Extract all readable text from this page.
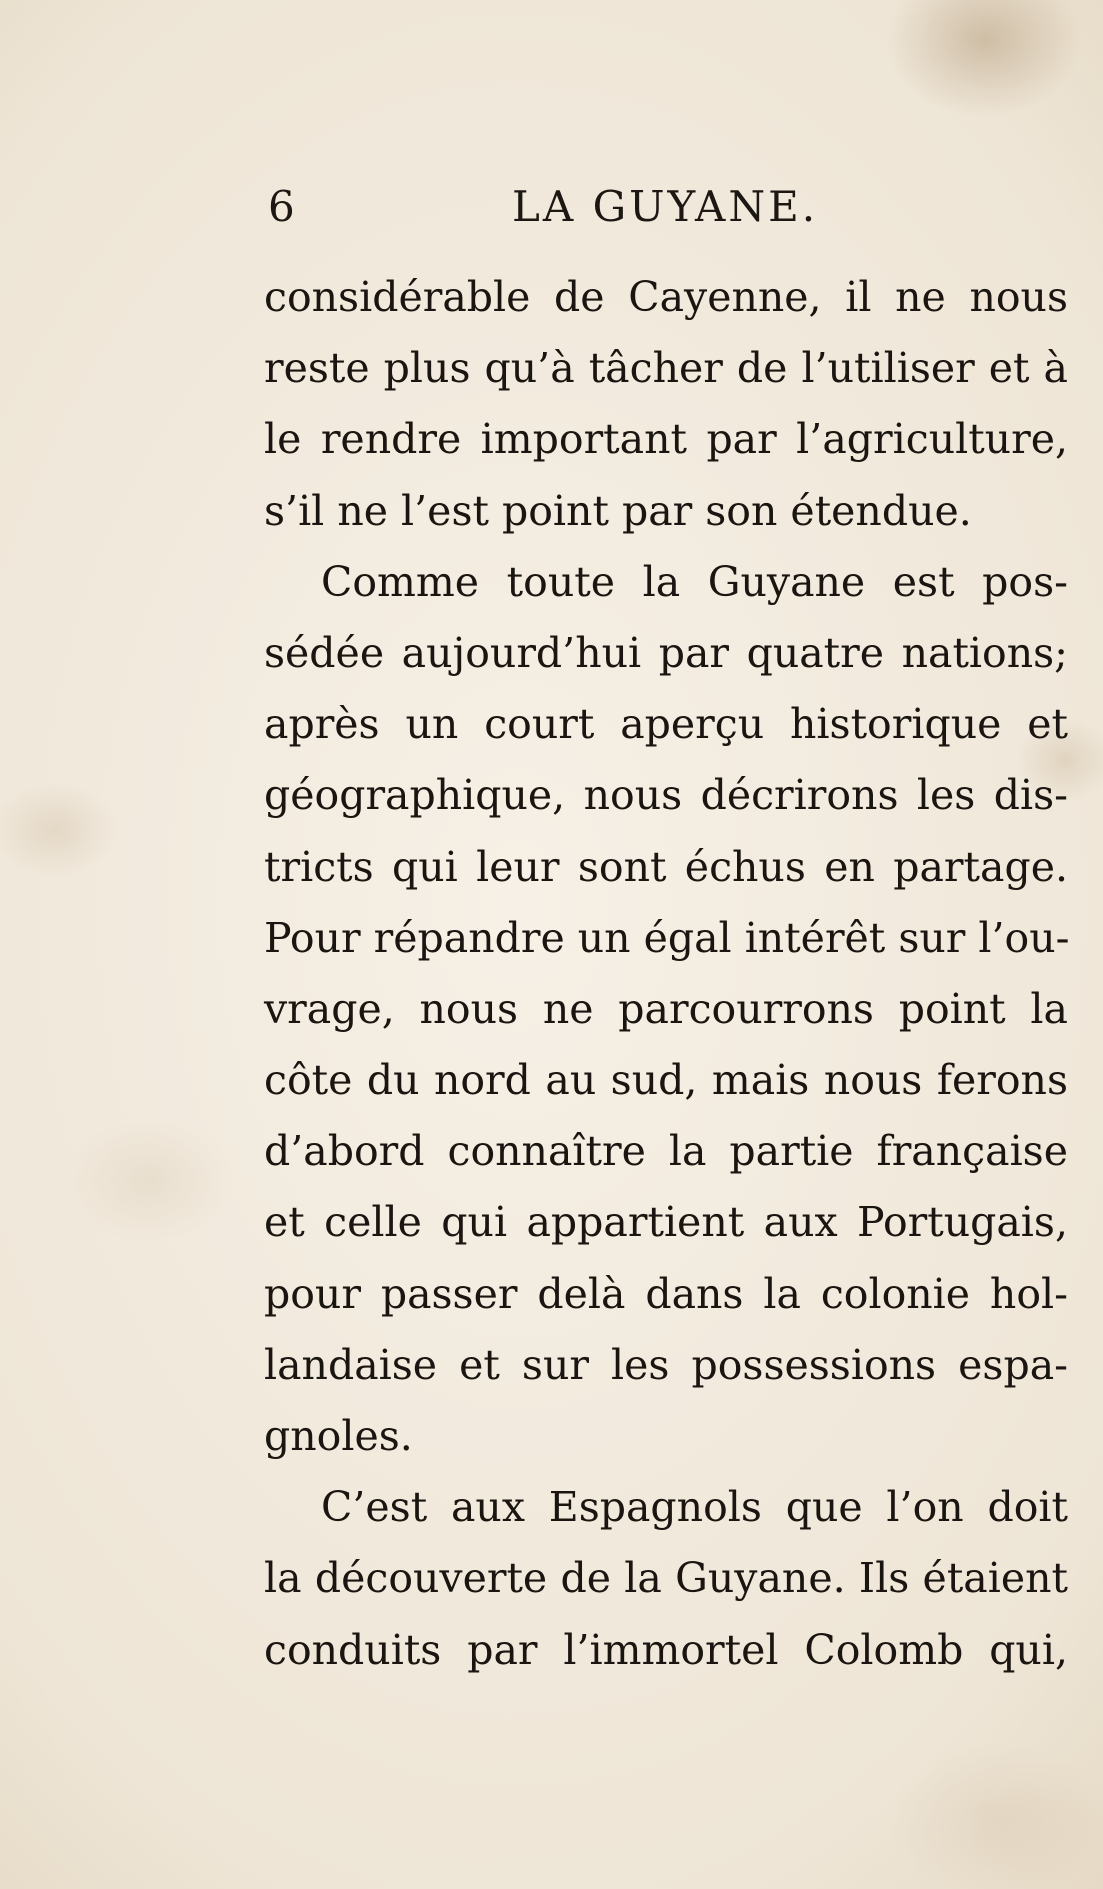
6	LA GUYANE.
considérable de Cayenne, il ne nous
reste plus qu’à tâcher de l’utiliser et à
le rendre important par l’agriculture,
s’il ne l’est point par son étendue.
Comme toute la Guyane est pos-
sédée aujourd’hui par quatre nations;
après un court aperçu historique et
géographique, nous décrirons les dis-
tricts qui leur sont échus en partage.
Pour répandre un égal intérêt sur l’ou-
vrage, nous ne parcourrons point la
côte du nord au sud, mais nous ferons
d’abord connaître la partie française
et celle qui appartient aux Portugais,
pour passer delà dans la colonie hol-
landaise et sur les possessions espa-
gnoles.
C’est aux Espagnols que l’on doit
la découverte de la Guyane. Ils étaient
conduits par l’immortel Colomb qui,
